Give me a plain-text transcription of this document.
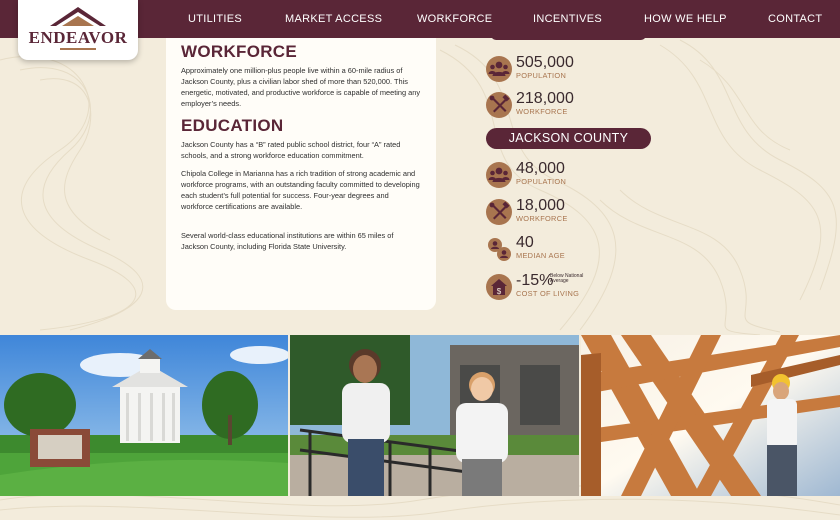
UTILITIES	MARKET ACCESS	WORKFORCE	INCENTIVES	HOW WE HELP	CONTACT
ENDEAVOR
WORKFORCE

Approximately one million-plus people live within a 60-mile radius of Jackson County, plus a civilian labor shed of more than 520,000. This energetic, motivated, and productive workforce is capable of meeting any employer’s needs.

EDUCATION

Jackson County has a “B” rated public school district, four “A” rated schools, and a strong workforce education commitment.

Chipola College in Marianna has a rich tradition of strong academic and workforce programs, with an outstanding faculty committed to developing each student’s full potential for success. Four-year degrees and workforce certifications are available.

Several world-class educational institutions are within 65 miles of Jackson County, including Florida State University.

505,000
POPULATION
218,000
WORKFORCE
JACKSON COUNTY
48,000
POPULATION
18,000
WORKFORCE
40
MEDIAN AGE
$
-15%
Below National Average
COST OF LIVING
